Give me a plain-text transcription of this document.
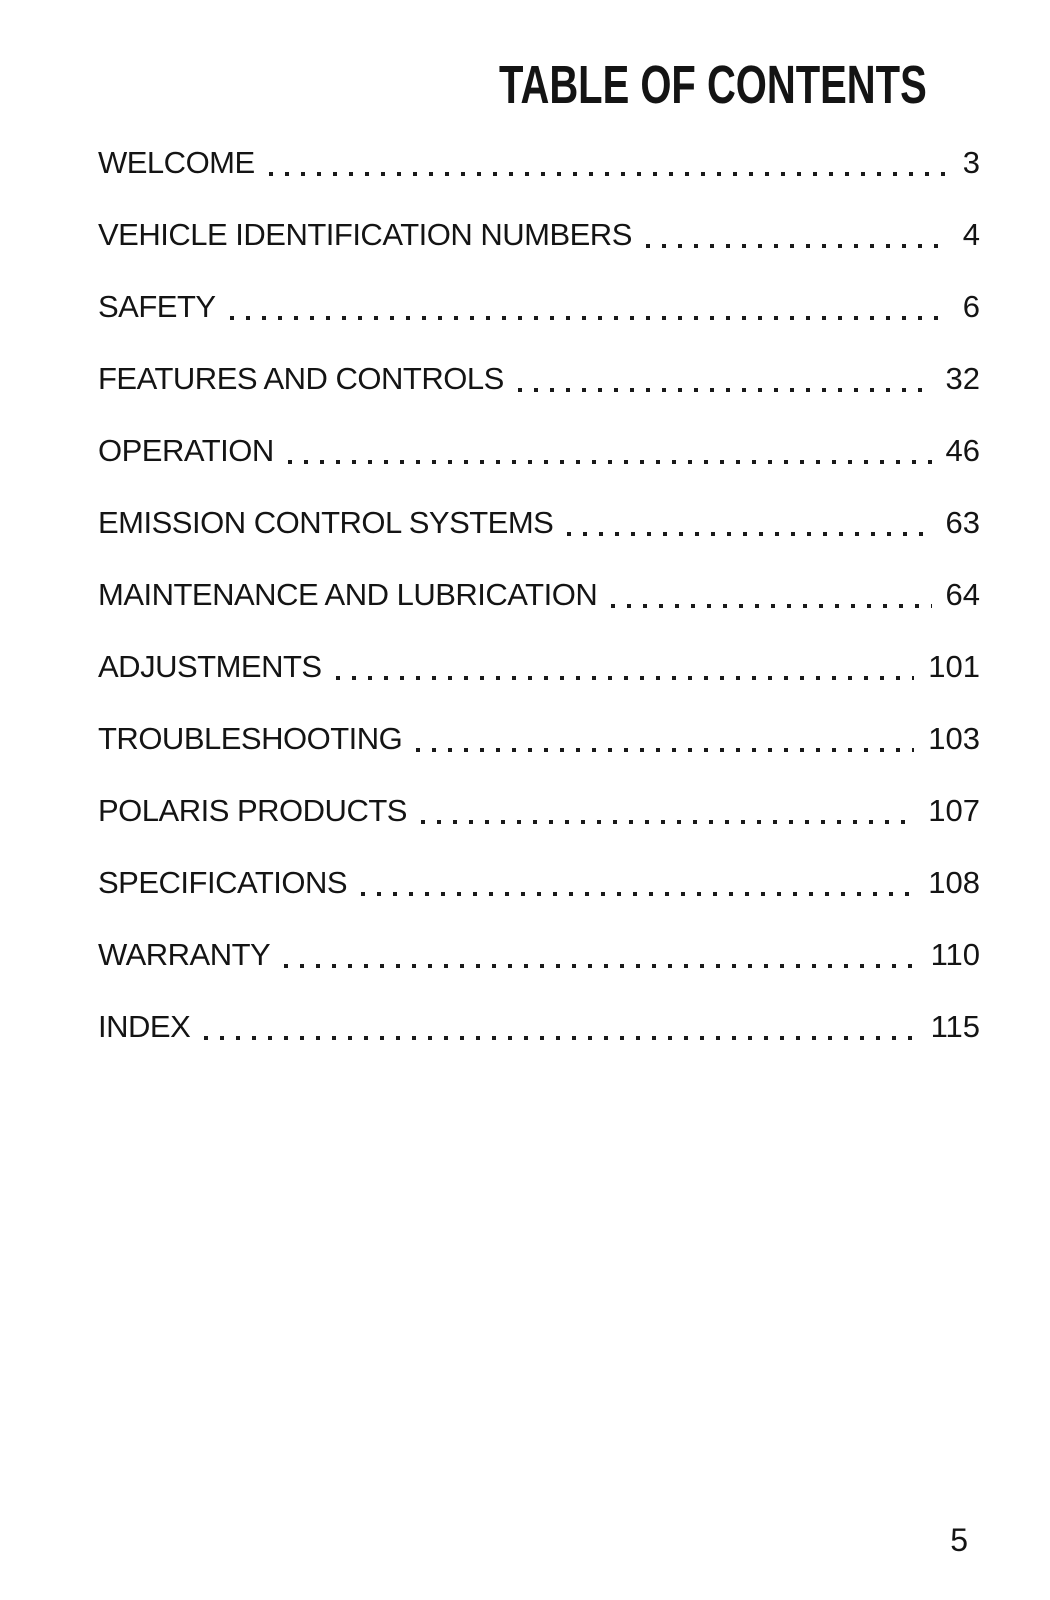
TABLE OF CONTENTS
WELCOME	3
VEHICLE IDENTIFICATION NUMBERS	4
SAFETY	6
FEATURES AND CONTROLS	32
OPERATION	46
EMISSION CONTROL SYSTEMS	63
MAINTENANCE AND LUBRICATION	64
ADJUSTMENTS	101
TROUBLESHOOTING	103
POLARIS PRODUCTS	107
SPECIFICATIONS	108
WARRANTY	110
INDEX	115
5
